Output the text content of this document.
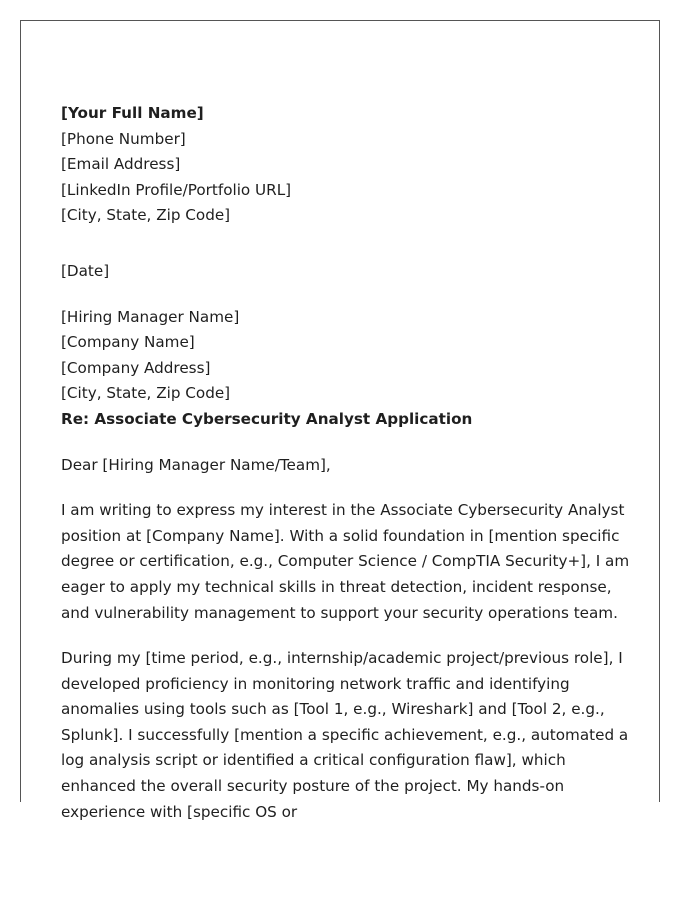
[Your Full Name]
[Phone Number]
[Email Address]
[LinkedIn Profile/Portfolio URL]
[City, State, Zip Code]
[Date]
[Hiring Manager Name]
[Company Name]
[Company Address]
[City, State, Zip Code]
Re: Associate Cybersecurity Analyst Application
Dear [Hiring Manager Name/Team],

I am writing to express my interest in the Associate Cybersecurity Analyst position at [Company Name]. With a solid foundation in [mention specific degree or certification, e.g., Computer Science / CompTIA Security+], I am eager to apply my technical skills in threat detection, incident response, and vulnerability management to support your security operations team.

During my [time period, e.g., internship/academic project/previous role], I developed proficiency in monitoring network traffic and identifying anomalies using tools such as [Tool 1, e.g., Wireshark] and [Tool 2, e.g., Splunk]. I successfully [mention a specific achievement, e.g., automated a log analysis script or identified a critical configuration flaw], which enhanced the overall security posture of the project. My hands-on experience with [specific OS or
